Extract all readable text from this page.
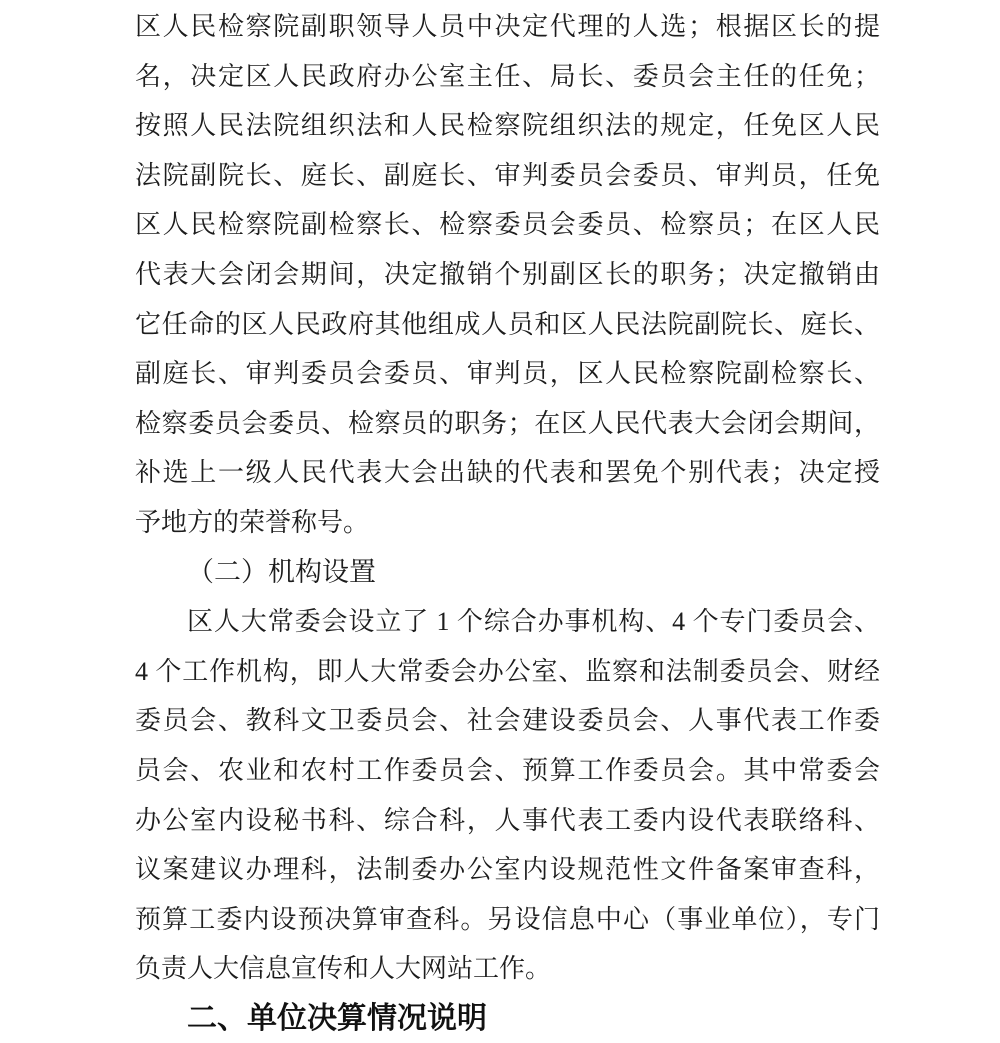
区人民检察院副职领导人员中决定代理的人选；根据区长的提
名，决定区人民政府办公室主任、局长、委员会主任的任免；
按照人民法院组织法和人民检察院组织法的规定，任免区人民
法院副院长、庭长、副庭长、审判委员会委员、审判员，任免
区人民检察院副检察长、检察委员会委员、检察员；在区人民
代表大会闭会期间，决定撤销个别副区长的职务；决定撤销由
它任命的区人民政府其他组成人员和区人民法院副院长、庭长、
副庭长、审判委员会委员、审判员，区人民检察院副检察长、
检察委员会委员、检察员的职务；在区人民代表大会闭会期间，
补选上一级人民代表大会出缺的代表和罢免个别代表；决定授
予地方的荣誉称号。
（二）机构设置
区人大常委会设立了 1 个综合办事机构、4 个专门委员会、
4 个工作机构，即人大常委会办公室、监察和法制委员会、财经
委员会、教科文卫委员会、社会建设委员会、人事代表工作委
员会、农业和农村工作委员会、预算工作委员会。其中常委会
办公室内设秘书科、综合科，人事代表工委内设代表联络科、
议案建议办理科，法制委办公室内设规范性文件备案审查科，
预算工委内设预决算审查科。另设信息中心（事业单位），专门
负责人大信息宣传和人大网站工作。
二、单位决算情况说明
